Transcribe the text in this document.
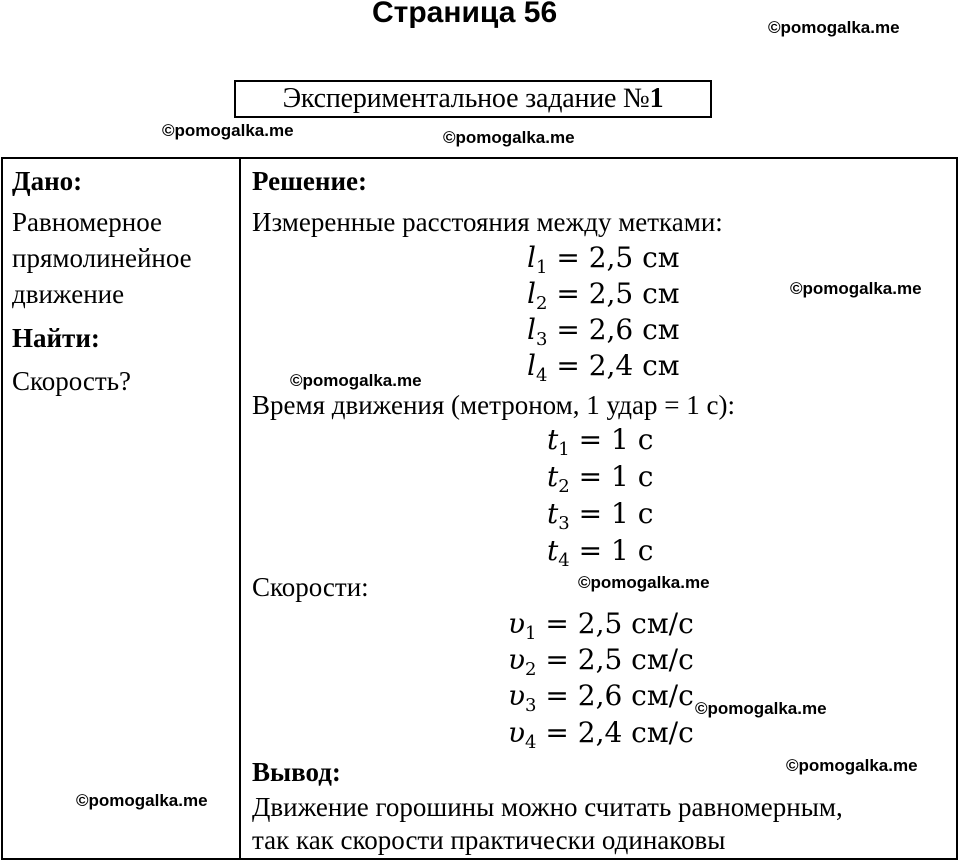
Страница 56	©pomogalka.me
©pomogalka.me	©pomogalka.me
©pomogalka.me
©pomogalka.me
©pomogalka.me
©pomogalka.me
©pomogalka.me
©pomogalka.me
Экспериментальное задание № 1
Дано:
Равномерное
прямолинейное
движение
Найти:
Скорость?
Решение:
Измеренные расстояния между метками:
$l_1 = 2,5$ см
$l_2 = 2,5$ см
$l_3 = 2,6$ см
$l_4 = 2,4$ см
Время движения (метроном, 1 удар = 1 с):
$t_1 = 1$ с
$t_2 = 1$ с
$t_3 = 1$ с
$t_4 = 1$ с
Скорости:
$\upsilon_1 = 2,5$ см/с
$\upsilon_2 = 2,5$ см/с
$\upsilon_3 = 2,6$ см/с
$\upsilon_4 = 2,4$ см/с
Вывод:
Движение горошины можно считать равномерным,
так как скорости практически одинаковы
